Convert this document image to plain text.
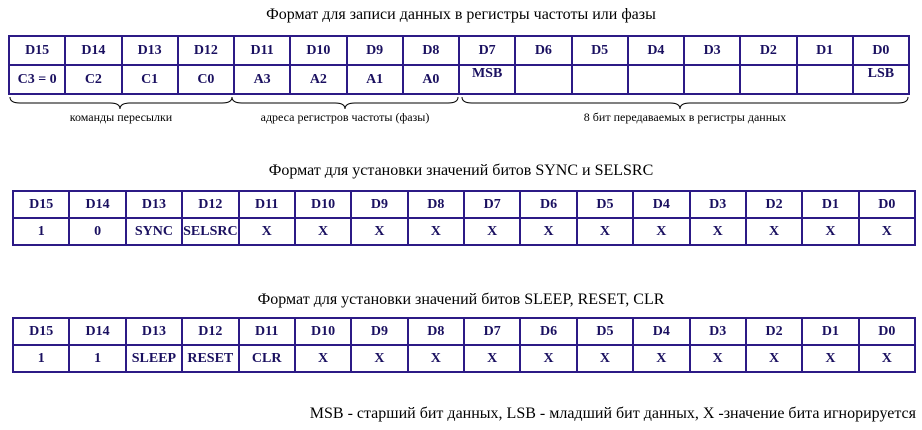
Формат для записи данных в регистры частоты или фазы
D15	D14	D13	D12	D11	D10	D9	D8	D7	D6	D5	D4	D3	D2	D1	D0
C3 = 0	C2	C1	C0	A3	A2	A1	A0	MSB							LSB
команды пересылки	адреса регистров частоты (фазы)	8 бит передаваемых в регистры данных
Формат для установки значений битов SYNC и SELSRC
D15	D14	D13	D12	D11	D10	D9	D8	D7	D6	D5	D4	D3	D2	D1	D0
1	0	SYNC	SELSRC	X	X	X	X	X	X	X	X	X	X	X	X
Формат для установки значений битов SLEEP, RESET, CLR
D15	D14	D13	D12	D11	D10	D9	D8	D7	D6	D5	D4	D3	D2	D1	D0
1	1	SLEEP	RESET	CLR	X	X	X	X	X	X	X	X	X	X	X
MSB - старший бит данных, LSB - младший бит данных, X -значение бита игнорируется
